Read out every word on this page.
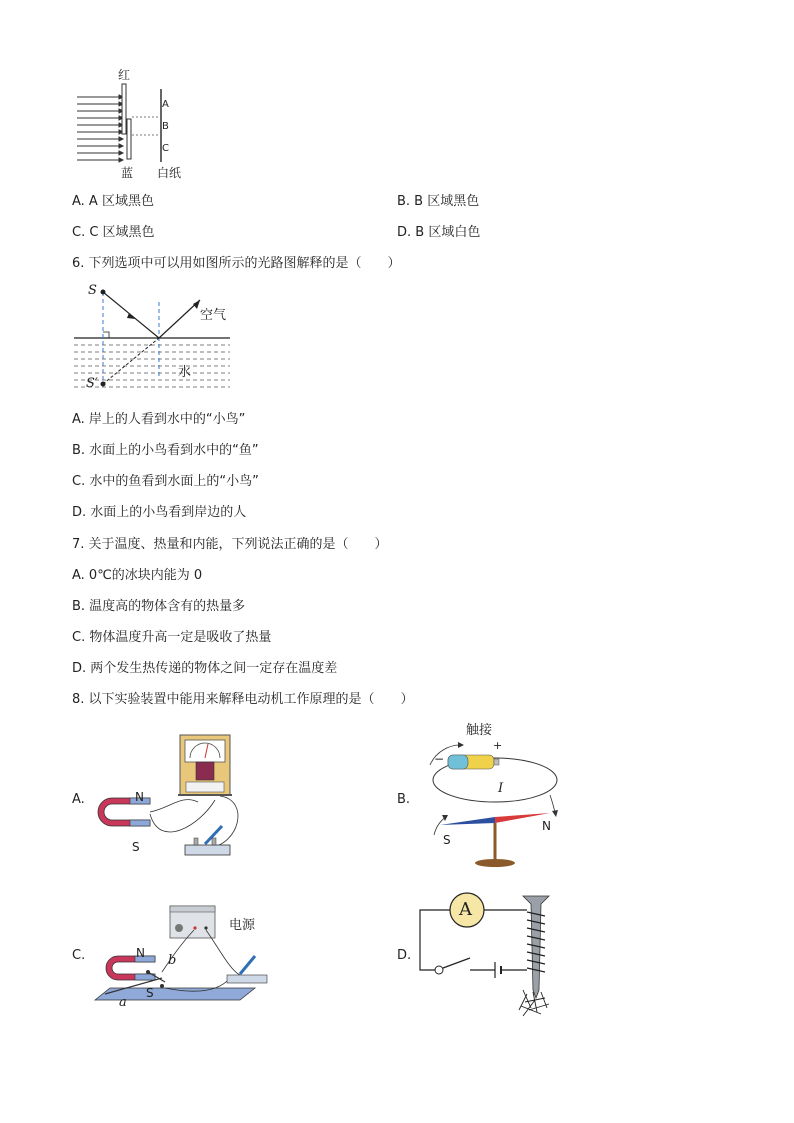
红
蓝 白纸
A
B
C
A. A 区域黑色	B. B 区域黑色
C. C 区域黑色	D. B 区域白色
6. 下列选项中可以用如图所示的光路图解释的是（　　）
S
S′
空气
水
A. 岸上的人看到水中的“小鸟”
B. 水面上的小鸟看到水中的“鱼”
C. 水中的鱼看到水面上的“小鸟”
D. 水面上的小鸟看到岸边的人
7. 关于温度、热量和内能，下列说法正确的是（　　）
A. 0℃的冰块内能为 0
B. 温度高的物体含有的热量多
C. 物体温度升高一定是吸收了热量
D. 两个发生热传递的物体之间一定存在温度差
8. 以下实验装置中能用来解释电动机工作原理的是（　　）
A.	N
S
B.
触接
−
+
I
S
N
C.
电源
N
S
a
b	D.
A
